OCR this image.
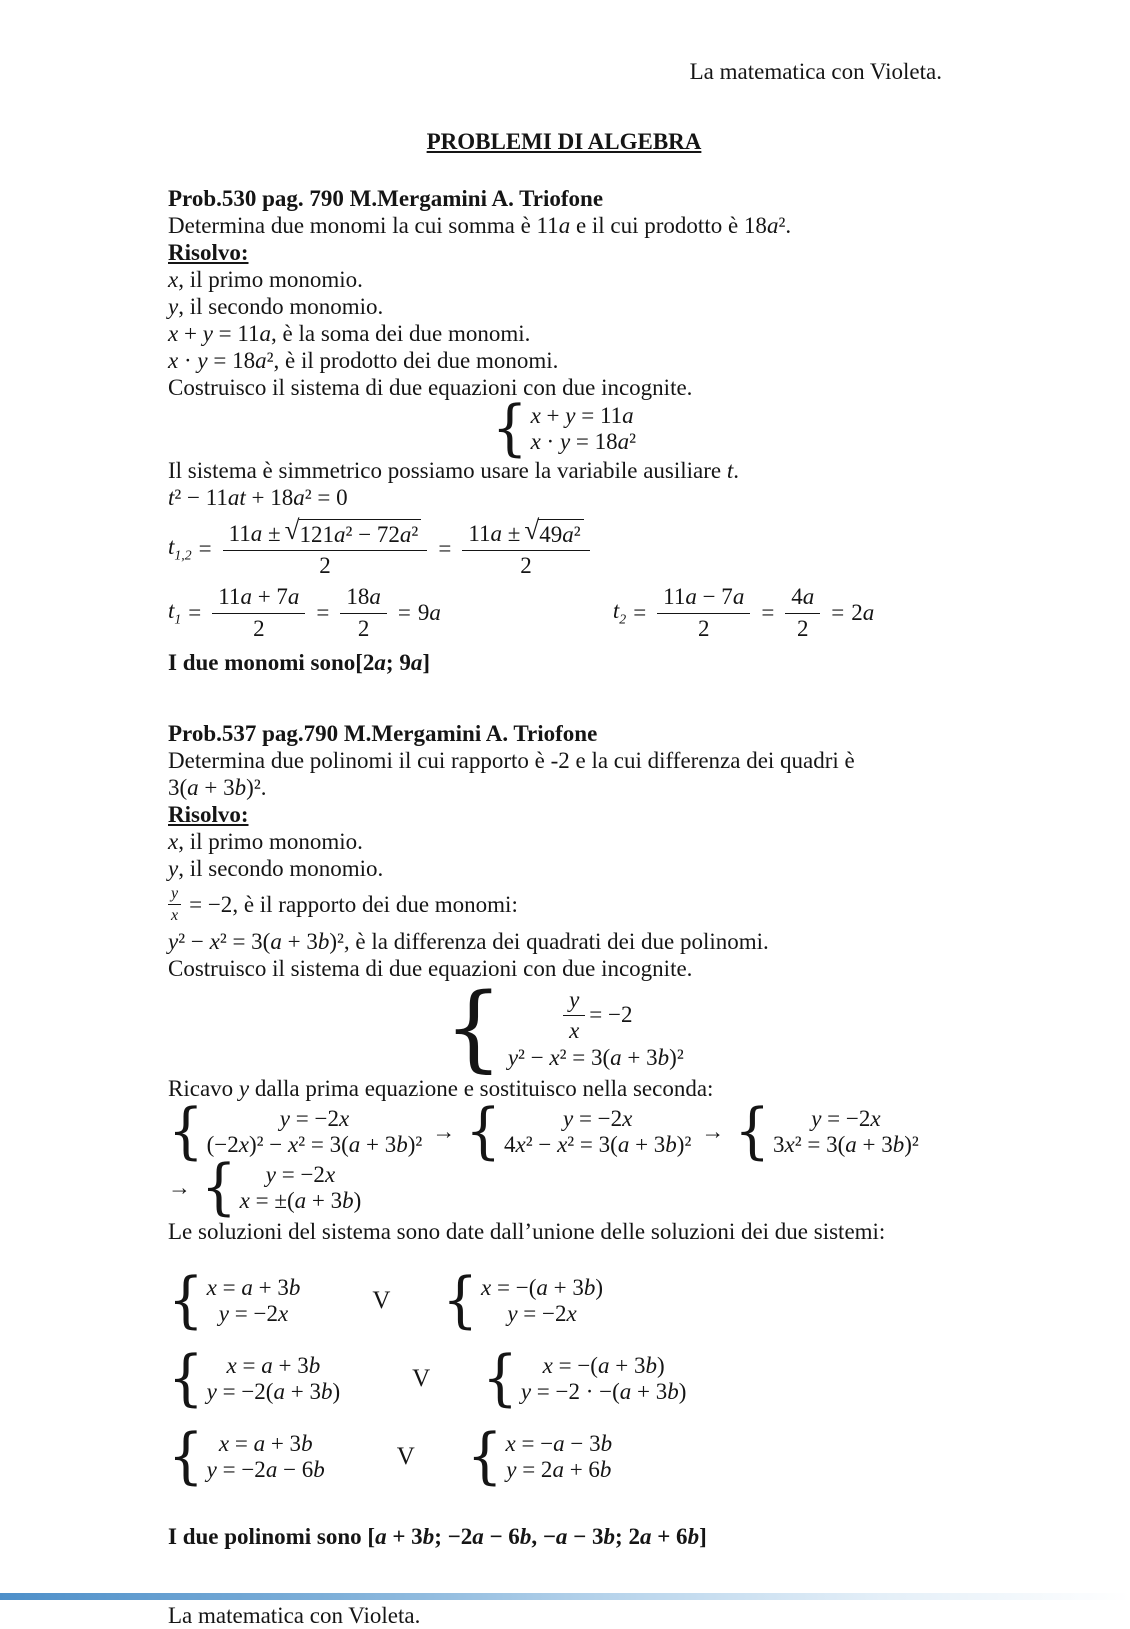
La matematica con Violeta.

PROBLEMI DI ALGEBRA

Prob.530 pag. 790 M.Mergamini A. Triofone

Determina due monomi la cui somma è 11a e il cui prodotto è 18a².

Risolvo:

x, il primo monomio.

y, il secondo monomio.

x + y = 11a, è la soma dei due monomi.

x · y = 18a², è il prodotto dei due monomi.

Costruisco il sistema di due equazioni con due incognite.

{ x + y = 11a
x · y = 18a²

Il sistema è simmetrico possiamo usare la variabile ausiliare t.

t² − 11at + 18a² = 0

$t_{1,2} = \frac{\text{11a ± √ 121a² − 72a²}}{2} = \frac{\text{11a ± √ 49a²}}{2}$
$t_1 = \frac{11a + 7a}{2} = \frac{18a}{2} = 9a$	$t_2 = \frac{11a - 7a}{2} = \frac{4a}{2} = 2a$

I due monomi sono[2a; 9a]

Prob.537 pag.790 M.Mergamini A. Triofone

Determina due polinomi il cui rapporto è -2 e la cui differenza dei quadri è

3(a + 3b)².

Risolvo:

x, il primo monomio.

y, il secondo monomio.

$\frac{y}{x} = -2$ , è il rapporto dei due monomi:

y² − x² = 3(a + 3b)², è la differenza dei quadrati dei due polinomi.

Costruisco il sistema di due equazioni con due incognite.

{	$\frac{y}{x} = -2$
y² − x² = 3(a + 3b)²

Ricavo y dalla prima equazione e sostituisco nella seconda:

{	y = −2x
(−2x)² − x² = 3(a + 3b)²
→ {	y = −2x
4x² − x² = 3(a + 3b)²
→ {	y = −2x
3x² = 3(a + 3b)²
→ {	y = −2x
x = ±(a + 3b)

Le soluzioni del sistema sono date dall’unione delle soluzioni dei due sistemi:

{ x = a + 3b
y = −2x	V { x = −(a + 3b)
y = −2x
{ x = a + 3b
y = −2(a + 3b)	V {	x = −(a + 3b)
y = −2 · −(a + 3b)
{ x = a + 3b
y = −2a − 6b	V { x = −a − 3b
y = 2a + 6b

I due polinomi sono [a + 3b; −2a − 6b, −a − 3b; 2a + 6b]

La matematica con Violeta.
